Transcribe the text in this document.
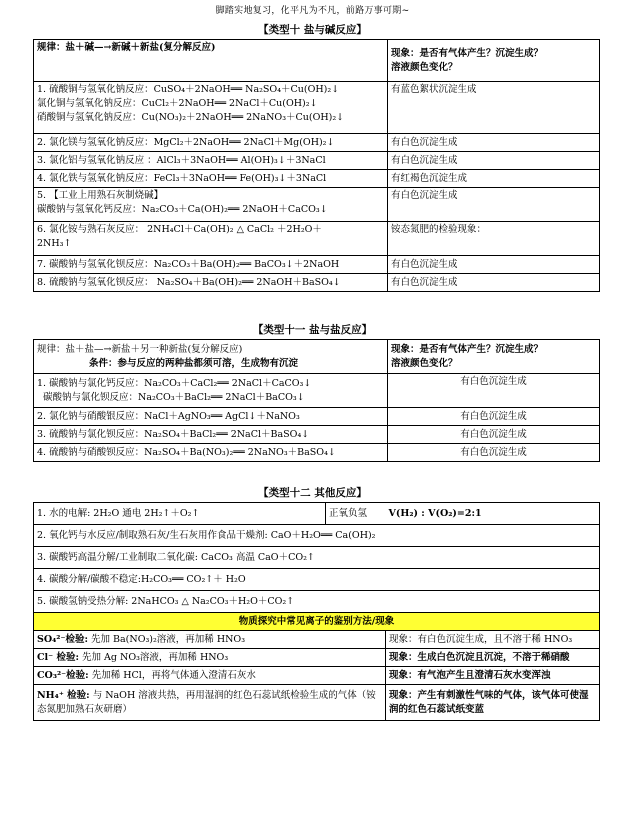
脚踏实地复习，化平凡为不凡，前路万事可期~
【类型十 盐与碱反应】
规律：盐＋碱—→新碱＋新盐(复分解反应)	现象：是否有气体产生？沉淀生成？
溶液颜色变化？

1. 硫酸铜与氢氧化钠反应：CuSO₄＋2NaOH══ Na₂SO₄＋Cu(OH)₂↓
氯化铜与氢氧化钠反应：CuCl₂＋2NaOH══ 2NaCl＋Cu(OH)₂↓
硝酸铜与氢氧化钠反应：Cu(NO₃)₂＋2NaOH══ 2NaNO₃＋Cu(OH)₂↓	有蓝色絮状沉淀生成
2. 氯化镁与氢氧化钠反应：MgCl₂＋2NaOH══ 2NaCl＋Mg(OH)₂↓	有白色沉淀生成
3. 氯化铝与氢氧化钠反应 ：AlCl₃＋3NaOH══ Al(OH)₃↓＋3NaCl	有白色沉淀生成
4. 氯化铁与氢氧化钠反应：FeCl₃＋3NaOH══ Fe(OH)₃↓＋3NaCl	有红褐色沉淀生成

5. 【工业上用熟石灰制烧碱】
碳酸钠与氢氧化钙反应：Na₂CO₃＋Ca(OH)₂══ 2NaOH＋CaCO₃↓	有白色沉淀生成

6. 氯化铵与熟石灰反应： 2NH₄Cl＋Ca(OH)₂ △ CaCl₂ ＋2H₂O＋
2NH₃↑	铵态氮肥的检验现象：
7. 碳酸钠与氢氧化钡反应：Na₂CO₃＋Ba(OH)₂══ BaCO₃↓＋2NaOH	有白色沉淀生成
8. 硫酸钠与氢氧化钡反应： Na₂SO₄＋Ba(OH)₂══ 2NaOH＋BaSO₄↓	有白色沉淀生成
【类型十一 盐与盐反应】
规律：盐＋盐—→新盐＋另一种新盐(复分解反应)
条件：参与反应的两种盐都须可溶，生成物有沉淀	现象：是否有气体产生？沉淀生成？
溶液颜色变化？

1. 碳酸钠与氯化钙反应：Na₂CO₃＋CaCl₂══ 2NaCl＋CaCO₃↓
碳酸钠与氯化钡反应：Na₂CO₃＋BaCl₂══ 2NaCl＋BaCO₃↓	有白色沉淀生成
2. 氯化钠与硝酸银反应：NaCl＋AgNO₃══ AgCl↓＋NaNO₃	有白色沉淀生成
3. 硫酸钠与氯化钡反应：Na₂SO₄＋BaCl₂══ 2NaCl＋BaSO₄↓	有白色沉淀生成
4. 硫酸钠与硝酸钡反应：Na₂SO₄＋Ba(NO₃)₂══ 2NaNO₃＋BaSO₄↓	有白色沉淀生成
【类型十二 其他反应】
1. 水的电解: 2H₂O 通电 2H₂↑＋O₂↑	正氧负氢	V(H₂) : V(O₂)=2:1
2. 氧化钙与水反应/制取熟石灰/生石灰用作食品干燥剂: CaO＋H₂O══ Ca(OH)₂		
3. 碳酸钙高温分解/工业制取二氧化碳: CaCO₃ 高温 CaO＋CO₂↑		
4. 碳酸分解/碳酸不稳定:H₂CO₃══ CO₂↑＋ H₂O		
5. 碳酸氢钠受热分解: 2NaHCO₃ △ Na₂CO₃＋H₂O＋CO₂↑		
物质探究中常见离子的鉴别方法/现象		
SO₄²⁻检验: 先加 Ba(NO₃)₂溶液，再加稀 HNO₃		现象：有白色沉淀生成，且不溶于稀 HNO₃
Cl⁻ 检验: 先加 Ag NO₃溶液，再加稀 HNO₃		现象：生成白色沉淀且沉淀，不溶于稀硝酸
CO₃²⁻检验: 先加稀 HCl，再将气体通入澄清石灰水		现象：有气泡产生且澄清石灰水变浑浊
NH₄⁺ 检验: 与 NaOH 溶液共热，再用湿润的红色石蕊试纸检验生成的气体（铵态氮肥加熟石灰研磨）		现象：产生有刺激性气味的气体，该气体可使湿润的红色石蕊试纸变蓝
